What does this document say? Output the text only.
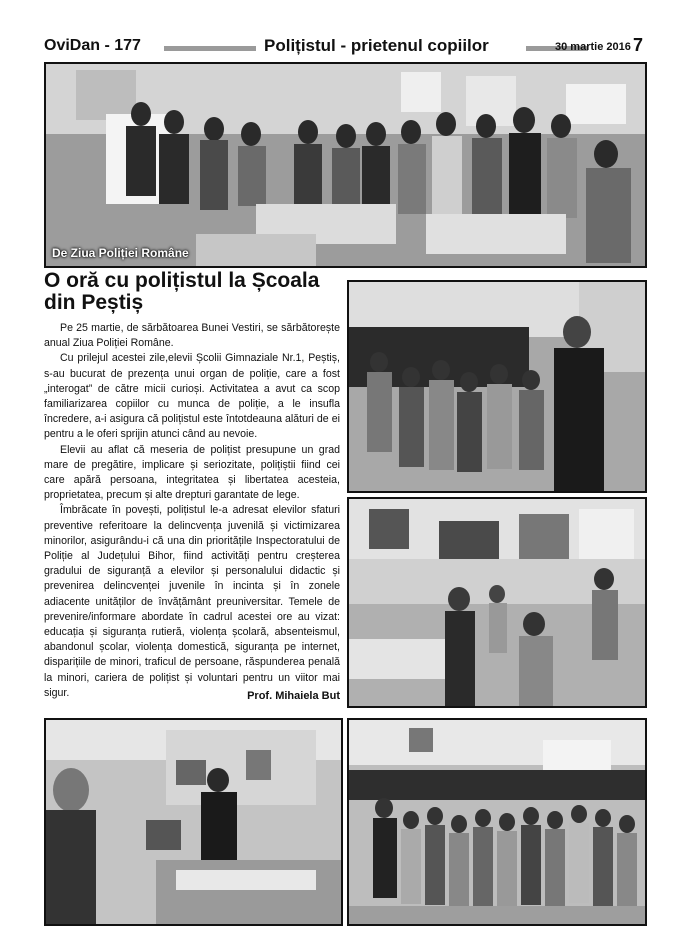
OviDan - 177	Polițistul - prietenul copiilor	30 martie 2016 7
De Ziua Poliției Române
O oră cu polițistul la Școala din Peștiș

Pe 25 martie, de sărbătoarea Bunei Vestiri, se sărbătorește anual Ziua Poliției Române.

Cu prilejul acestei zile,elevii Școlii Gimnaziale Nr.1, Peștiș, s-au bucurat de prezența unui organ de poliție, care a fost „interogat” de către micii curioși. Activitatea a avut ca scop familiarizarea copiilor cu munca de poliție, a le insufla încredere, a-i asigura că polițistul este întotdeauna alături de ei pentru a le oferi sprijin atunci când au nevoie.

Elevii au aflat că meseria de polițist presupune un grad mare de pregătire, implicare și seriozitate, polițiștii fiind cei care apără persoana, integritatea și libertatea acesteia, proprietatea, precum și alte drepturi garantate de lege.

Îmbrăcate în povești, polițistul le-a adresat elevilor sfaturi preventive referitoare la delincvența juvenilă și victimizarea minorilor, asigurându-i că una din prioritățile Inspectoratului de Poliție al Județului Bihor, fiind activități pentru creșterea gradului de siguranță a elevilor și personalului didactic și prevenirea delincvenței juvenile în incinta și în zonele adiacente unităților de învățământ preuniversitar. Temele de prevenire/informare abordate în cadrul acestei ore au vizat: educația și siguranța rutieră, violența școlară, absenteismul, abandonul școlar, violența domestică, siguranța pe internet, disparițiile de minori, traficul de persoane, răspunderea penală la minori, cariera de polițist și voluntari pentru un viitor mai sigur.	Prof. Mihaiela But
